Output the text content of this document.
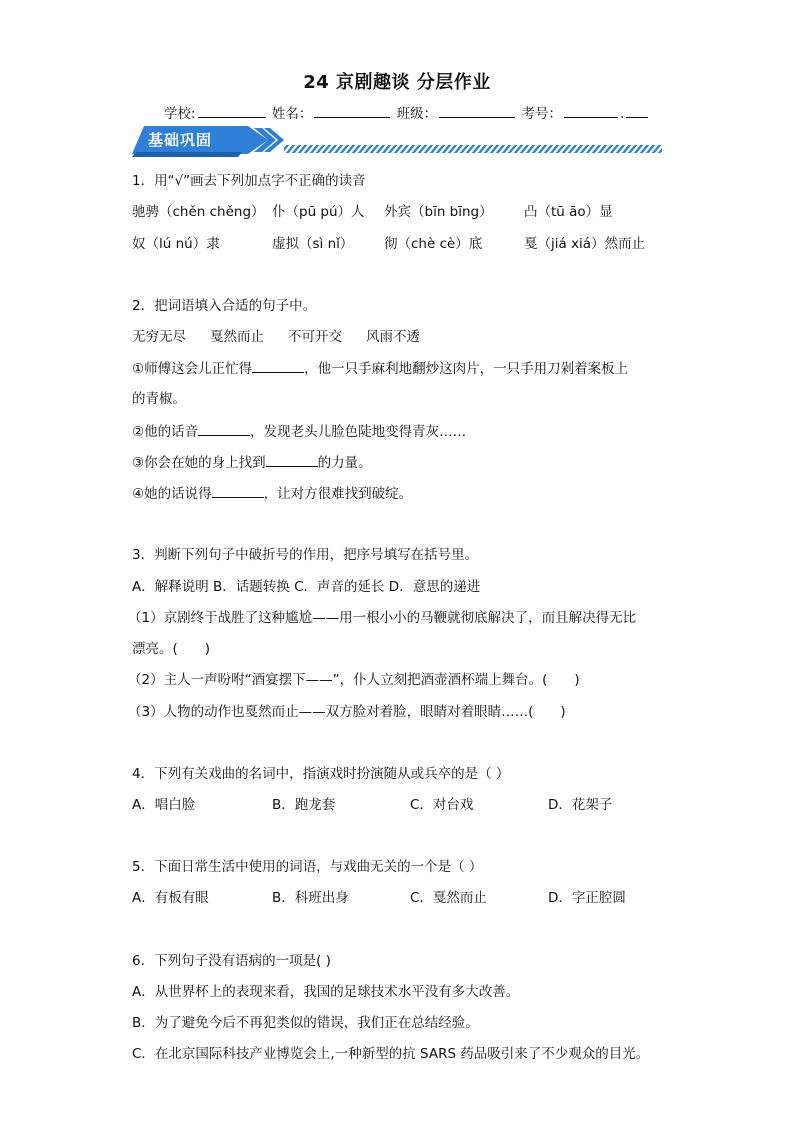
24 京剧趣谈 分层作业
学校:	姓名：	班级：	考号：	.
基础巩固
1．用“√”画去下列加点字不正确的读音
驰骋（chěn chěng） 仆（pū pú）人 外宾（bīn bīng） 凸（tū āo）显
奴（lú nú）隶	虚拟（sì nǐ） 彻（chè cè）底	戛（jiá xiá）然而止
2．把词语填入合适的句子中。
无穷无尽 戛然而止 不可开交 风雨不透
①师傅这会儿正忙得	，他一只手麻利地翻炒这肉片，一只手用刀剁着案板上
的青椒。
②他的话音	，发现老头儿脸色陡地变得青灰……
③你会在她的身上找到	的力量。
④她的话说得	，让对方很难找到破绽。
3．判断下列句子中破折号的作用，把序号填写在括号里。
A．解释说明 B．话题转换 C．声音的延长 D．意思的递进
（1）京剧终于战胜了这种尴尬——用一根小小的马鞭就彻底解决了，而且解决得无比
漂亮。(　　)
（2）主人一声吩咐“酒宴摆下——”，仆人立刻把酒壶酒杯端上舞台。(　　)
（3）人物的动作也戛然而止——双方脸对着脸，眼睛对着眼睛……(　　)
4．下列有关戏曲的名词中，指演戏时扮演随从或兵卒的是（ ）
A．唱白脸	B．跑龙套	C．对台戏	D．花架子
5．下面日常生活中使用的词语，与戏曲无关的一个是（ ）
A．有板有眼	B．科班出身	C．戛然而止	D．字正腔圆
6．下列句子没有语病的一项是( )
A．从世界杯上的表现来看，我国的足球技术水平没有多大改善。
B．为了避免今后不再犯类似的错误，我们正在总结经验。
C．在北京国际科技产业博览会上,一种新型的抗 SARS 药品吸引来了不少观众的目光。
